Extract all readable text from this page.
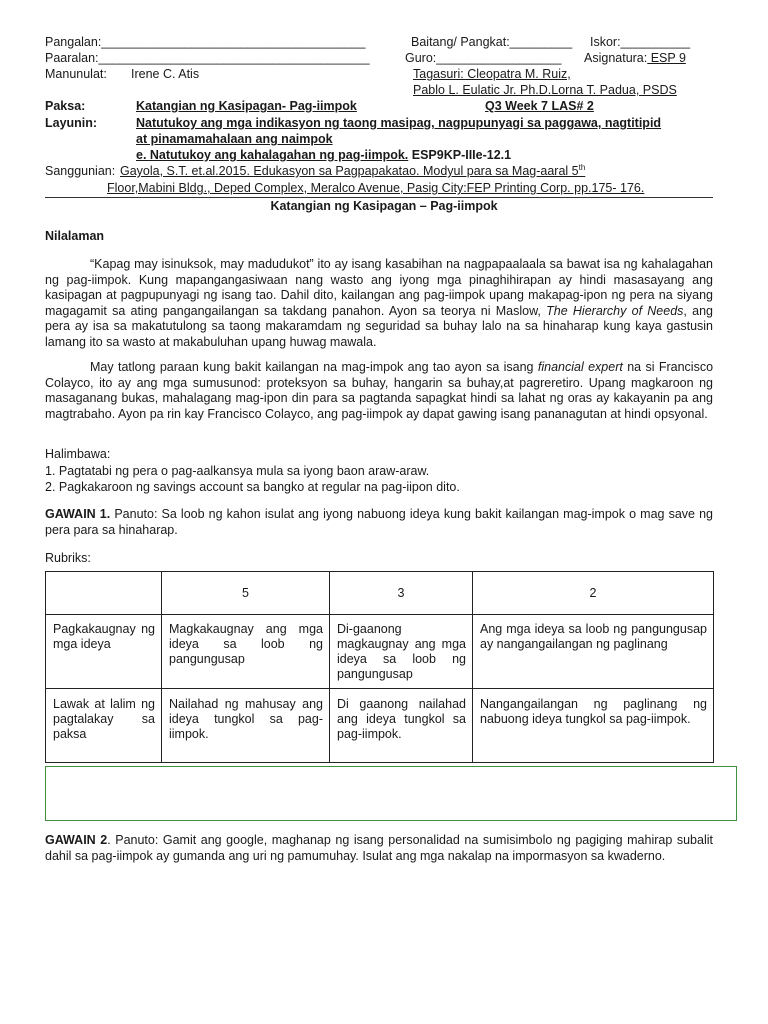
Pangalan:______________________________________	Baitang/ Pangkat:_________ Iskor:__________
Paaralan:_______________________________________	Guro:__________________ Asignatura: ESP 9
Manunulat: Irene C. Atis	Tagasuri: Cleopatra M. Ruiz,
Pablo L. Eulatic Jr. Ph.D.Lorna T. Padua, PSDS
Paksa:	Katangian ng Kasipagan- Pag-iimpok	Q3 Week 7 LAS# 2
Layunin:	Natutukoy ang mga indikasyon ng taong masipag, nagpupunyagi sa paggawa, nagtitipid
at pinamamahalaan ang naimpok
e. Natutukoy ang kahalagahan ng pag-iimpok. ESP9KP-IIIe-12.1
Sanggunian: Gayola, S.T. et.al.2015. Edukasyon sa Pagpapakatao. Modyul para sa Mag-aaral 5th
Floor,Mabini Bldg., Deped Complex, Meralco Avenue, Pasig City:FEP Printing Corp. pp.175- 176.
Katangian ng Kasipagan – Pag-iimpok
Nilalaman

“Kapag may isinuksok, may madudukot” ito ay isang kasabihan na nagpapaalaala sa bawat isa ng kahalagahan ng pag-iimpok. Kung mapangangasiwaan nang wasto ang iyong mga pinaghihirapan ay hindi masasayang ang kasipagan at pagpupunyagi ng isang tao. Dahil dito, kailangan ang pag-iimpok upang makapag-ipon ng pera na siyang magagamit sa ating pangangailangan sa takdang panahon. Ayon sa teorya ni Maslow, The Hierarchy of Needs, ang pera ay isa sa makatutulong sa taong makaramdam ng seguridad sa buhay lalo na sa hinaharap kung kaya gastusin lamang ito sa wasto at makabuluhan upang huwag mawala.

May tatlong paraan kung bakit kailangan na mag-impok ang tao ayon sa isang financial expert na si Francisco Colayco, ito ay ang mga sumusunod: proteksyon sa buhay, hangarin sa buhay,at pagreretiro. Upang magkaroon ng masaganang bukas, mahalagang mag-ipon din para sa pagtanda sapagkat hindi sa lahat ng oras ay kakayanin pa ang magtrabaho. Ayon pa rin kay Francisco Colayco, ang pag-iimpok ay dapat gawing isang pananagutan at hindi opsyonal.

Halimbawa:
1. Pagtatabi ng pera o pag-aalkansya mula sa iyong baon araw-araw.
2. Pagkakaroon ng savings account sa bangko at regular na pag-iipon dito.

GAWAIN 1. Panuto: Sa loob ng kahon isulat ang iyong nabuong ideya kung bakit kailangan mag-impok o mag save ng pera para sa hinaharap.

Rubriks:
	5	3	2
Pagkakaugnay ng mga ideya	Magkakaugnay ang mga ideya sa loob ng pangungusap	Di-gaanong magkaugnay ang mga ideya sa loob ng pangungusap	Ang mga ideya sa loob ng pangungusap ay nangangailangan ng paglinang
Lawak at lalim ng pagtalakay sa paksa	Nailahad ng mahusay ang ideya tungkol sa pag-iimpok.	Di gaanong nailahad ang ideya tungkol sa pag-iimpok.	Nangangailangan ng paglinang ng nabuong ideya tungkol sa pag-iimpok.

GAWAIN 2. Panuto: Gamit ang google, maghanap ng isang personalidad na sumisimbolo ng pagiging mahirap subalit dahil sa pag-iimpok ay gumanda ang uri ng pamumuhay. Isulat ang mga nakalap na impormasyon sa kwaderno.
